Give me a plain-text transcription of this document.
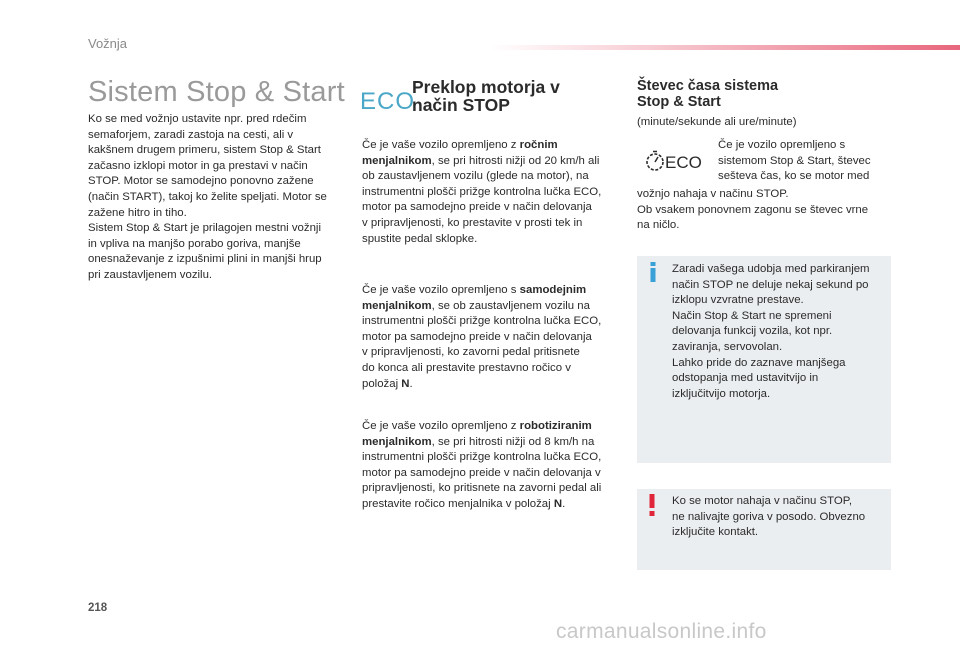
Vožnja
Sistem Stop & Start
Ko se med vožnjo ustavite npr. pred rdečim
semaforjem, zaradi zastoja na cesti, ali v
kakšnem drugem primeru, sistem Stop & Start
začasno izklopi motor in ga prestavi v način
STOP. Motor se samodejno ponovno zažene
(način START), takoj ko želite speljati. Motor se
zažene hitro in tiho.
Sistem Stop & Start je prilagojen mestni vožnji
in vpliva na manjšo porabo goriva, manjše
onesnaževanje z izpušnimi plini in manjši hrup
pri zaustavljenem vozilu.
ECO
Preklop motorja v
način STOP
Če je vaše vozilo opremljeno z ročnim
menjalnikom, se pri hitrosti nižji od 20 km/h ali
ob zaustavljenem vozilu (glede na motor), na
instrumentni plošči prižge kontrolna lučka ECO,
motor pa samodejno preide v način delovanja
v pripravljenosti, ko prestavite v prosti tek in
spustite pedal sklopke.
Če je vaše vozilo opremljeno s samodejnim
menjalnikom, se ob zaustavljenem vozilu na
instrumentni plošči prižge kontrolna lučka ECO,
motor pa samodejno preide v način delovanja
v pripravljenosti, ko zavorni pedal pritisnete
do konca ali prestavite prestavno ročico v
položaj N.
Če je vaše vozilo opremljeno z robotiziranim
menjalnikom, se pri hitrosti nižji od 8 km/h na
instrumentni plošči prižge kontrolna lučka ECO,
motor pa samodejno preide v način delovanja v
pripravljenosti, ko pritisnete na zavorni pedal ali
prestavite ročico menjalnika v položaj N.
Števec časa sistema
Stop & Start
(minute/sekunde ali ure/minute)
ECO
Če je vozilo opremljeno s
sistemom Stop & Start, števec
sešteva čas, ko se motor med
vožnjo nahaja v načinu STOP.
Ob vsakem ponovnem zagonu se števec vrne
na ničlo.
Zaradi vašega udobja med parkiranjem
način STOP ne deluje nekaj sekund po
izklopu vzvratne prestave.
Način Stop & Start ne spremeni
delovanja funkcij vozila, kot npr.
zaviranja, servovolan.
Lahko pride do zaznave manjšega
odstopanja med ustavitvijo in
izključitvijo motorja.
Ko se motor nahaja v načinu STOP,
ne nalivajte goriva v posodo. Obvezno
izključite kontakt.
218
carmanualsonline.info
